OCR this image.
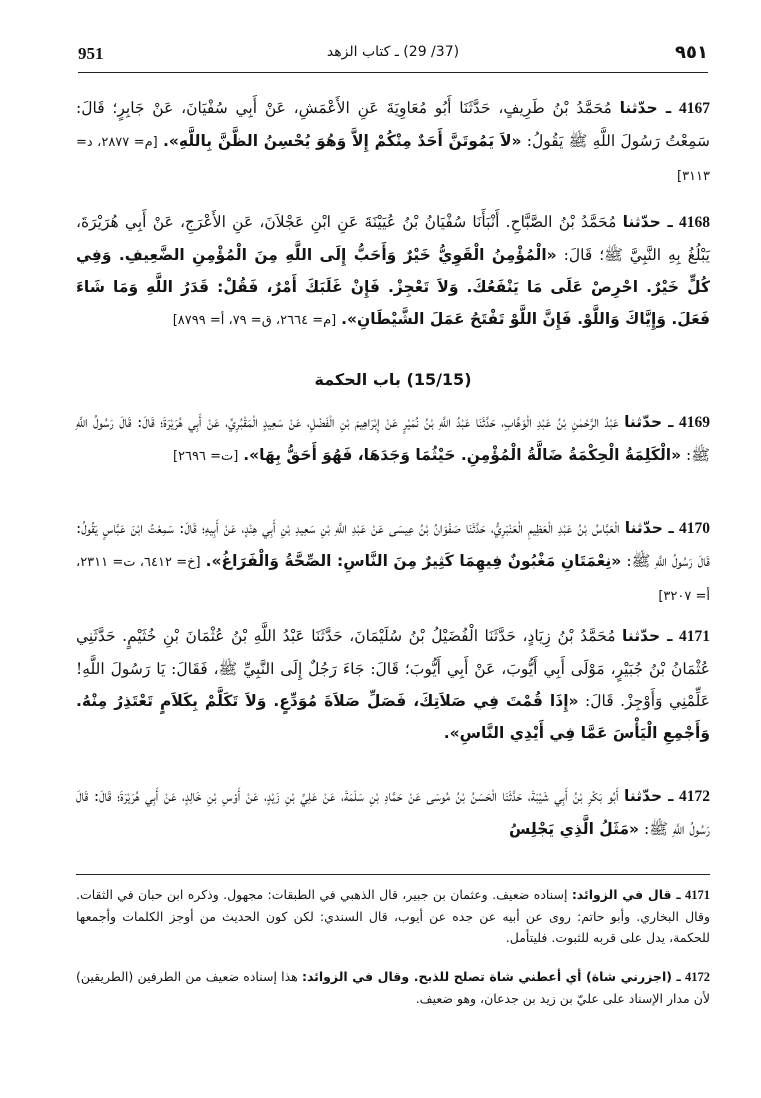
951	(37/ 29) ـ كتاب الزهد	٩٥١
4167 ـ حدّثنا مُحَمَّدُ بْنُ طَرِيفٍ، حَدَّثَنَا أَبُو مُعَاوِيَةَ عَنِ الأَعْمَشِ، عَنْ أَبِي سُفْيَانَ، عَنْ جَابِرٍ؛ قَالَ: سَمِعْتُ رَسُولَ اللَّهِ ﷺ يَقُولُ: «لاَ يَمُوتَنَّ أَحَدٌ مِنْكُمْ إِلاَّ وَهُوَ يُحْسِنُ الظَّنَّ بِاللَّهِ». [م= ٢٨٧٧، د= ٣١١٣]
4168 ـ حدّثنا مُحَمَّدُ بْنُ الصَّبَّاحِ. أَنْبَأَنَا سُفْيَانُ بْنُ عُيَيْنَةَ عَنِ ابْنِ عَجْلاَنَ، عَنِ الأَعْرَجِ، عَنْ أَبِي هُرَيْرَةَ، يَبْلُغُ بِهِ النَّبِيَّ ﷺ؛ قَالَ: «الْمُؤْمِنُ الْقَوِيُّ خَيْرٌ وَأَحَبُّ إِلَى اللَّهِ مِنَ الْمُؤْمِنِ الضَّعِيفِ. وَفِي كُلٍّ خَيْرٌ. احْرِصْ عَلَى مَا يَنْفَعُكَ. وَلاَ تَعْجِزْ. فَإِنْ غَلَبَكَ أَمْرٌ، فَقُلْ: قَدَرُ اللَّهِ وَمَا شَاءَ فَعَلَ. وَإِيَّاكَ وَاللَّوْ. فَإِنَّ اللَّوْ تَفْتَحُ عَمَلَ الشَّيْطَانِ». [م= ٢٦٦٤، ق= ٧٩، أ= ٨٧٩٩]
(15/15) باب الحكمة
4169 ـ حدّثنا عَبْدُ الرَّحْمٰنِ بْنُ عَبْدِ الْوَهَّابِ، حَدَّثَنَا عَبْدُ اللَّهِ بْنُ نُمَيْرٍ عَنْ إِبْرَاهِيمَ بْنِ الْفَضْلِ، عَنْ سَعِيدٍ الْمَقْبُرِيِّ، عَنْ أَبِي هُرَيْرَةَ؛ قَالَ: قَالَ رَسُولُ اللَّهِ ﷺ: «الْكَلِمَةُ الْحِكْمَةُ ضَالَّةُ الْمُؤْمِنِ. حَيْثُمَا وَجَدَهَا، فَهُوَ أَحَقُّ بِهَا». [ت= ٢٦٩٦]
4170 ـ حدّثنا الْعَبَّاسُ بْنُ عَبْدِ الْعَظِيمِ الْعَنْبَرِيُّ، حَدَّثَنَا صَفْوَانُ بْنُ عِيسَى عَنْ عَبْدِ اللَّهِ بْنِ سَعِيدِ بْنِ أَبِي هِنْدٍ، عَنْ أَبِيهِ؛ قَالَ: سَمِعْتُ ابْنَ عَبَّاسٍ يَقُولُ: قَالَ رَسُولُ اللَّهِ ﷺ: «نِعْمَتَانِ مَغْبُونٌ فِيهِمَا كَثِيرٌ مِنَ النَّاسِ: الصِّحَّةُ وَالْفَرَاغُ». [خ= ٦٤١٢، ت= ٢٣١١، أ= ٣٢٠٧]
4171 ـ حدّثنا مُحَمَّدُ بْنُ زِيَادٍ، حَدَّثَنَا الْفُضَيْلُ بْنُ سُلَيْمَانَ، حَدَّثَنَا عَبْدُ اللَّهِ بْنُ عُثْمَانَ بْنِ خُثَيْمٍ. حَدَّثَنِي عُثْمَانُ بْنُ جُبَيْرٍ، مَوْلَى أَبِي أَيُّوبَ، عَنْ أَبِي أَيُّوبَ؛ قَالَ: جَاءَ رَجُلٌ إِلَى النَّبِيِّ ﷺ، فَقَالَ: يَا رَسُولَ اللَّهِ! عَلِّمْنِي وَأَوْجِزْ. قَالَ: «إِذَا قُمْتَ فِي صَلاَتِكَ، فَصَلِّ صَلاَةَ مُوَدِّعٍ. وَلاَ تَكَلَّمْ بِكَلاَمٍ تَعْتَذِرُ مِنْهُ. وَأَجْمِعِ الْيَأْسَ عَمَّا فِي أَيْدِي النَّاسِ».
4172 ـ حدّثنا أَبُو بَكْرِ بْنُ أَبِي شَيْبَةَ، حَدَّثَنَا الْحَسَنُ بْنُ مُوسَى عَنْ حَمَّادِ بْنِ سَلَمَةَ، عَنْ عَلِيِّ بْنِ زَيْدٍ، عَنْ أَوْسِ بْنِ خَالِدٍ، عَنْ أَبِي هُرَيْرَةَ؛ قَالَ: قَالَ رَسُولُ اللَّهِ ﷺ: «مَثَلُ الَّذِي يَجْلِسُ
4171 ـ قال في الزوائد: إسناده ضعيف. وعثمان بن جبير، قال الذهبي في الطبقات: مجهول. وذكره ابن حبان في الثقات. وقال البخاري. وأبو حاتم: روى عن أبيه عن جده عن أيوب، قال السندي: لكن كون الحديث من أوجز الكلمات وأجمعها للحكمة، يدل على قربه للثبوت. فليتأمل.
4172 ـ (اجزرني شاة) أي أعطني شاة تصلح للذبح. وقال في الزوائد: هذا إسناده ضعيف من الطرفين (الطريقين) لأن مدار الإسناد على عليّ بن زيد بن جدعان، وهو ضعيف.
